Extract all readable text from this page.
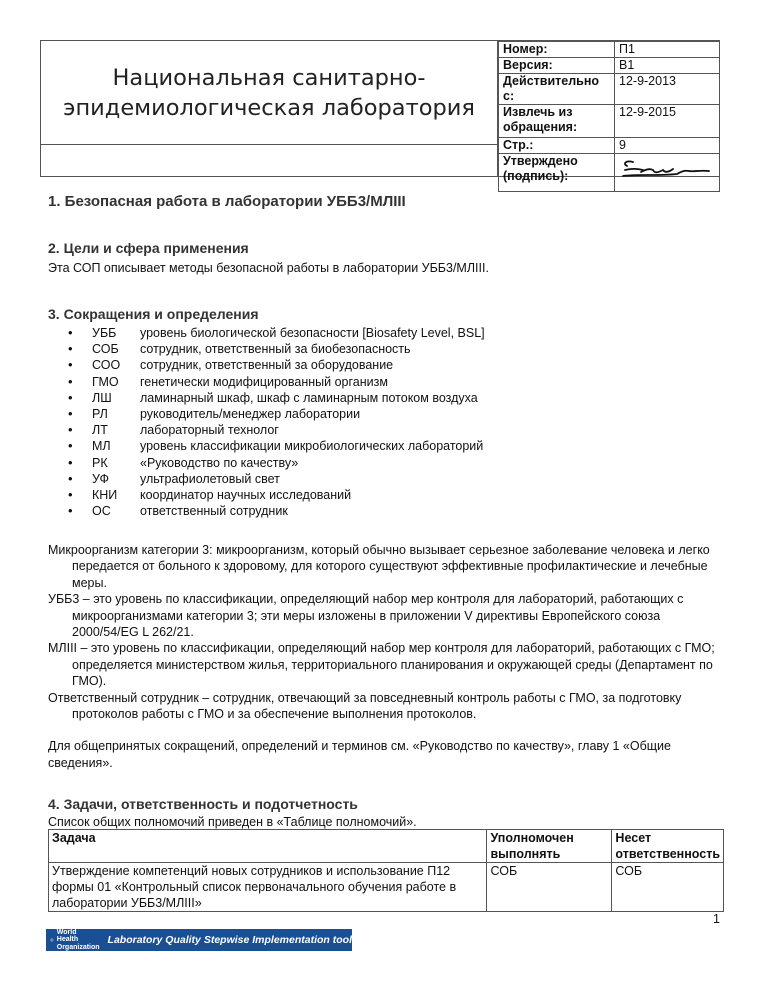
Национальная санитарно-
эпидемиологическая лаборатория
Номер:	П1
Версия:	B1
Действительно с:	12-9-2013
Извлечь из обращения:	12-9-2015
Стр.:	9
Утверждено (подпись):	
1. Безопасная работа в лаборатории УББ3/МЛIII
2. Цели и сфера применения
Эта СОП описывает методы безопасной работы в лаборатории УББ3/МЛIII.
3. Сокращения и определения
• УББ уровень биологической безопасности [Biosafety Level, BSL]
• СОБ сотрудник, ответственный за биобезопасность
• СОО сотрудник, ответственный за оборудование
• ГМО генетически модифицированный организм
• ЛШ ламинарный шкаф, шкаф с ламинарным потоком воздуха
• РЛ	руководитель/менеджер лаборатории
• ЛТ	лабораторный технолог
• МЛ уровень классификации микробиологических лабораторий
• РК	«Руководство по качеству»
• УФ ультрафиолетовый свет
• КНИ координатор научных исследований
• ОС ответственный сотрудник

Микроорганизм категории 3: микроорганизм, который обычно вызывает серьезное заболевание человека и легко передается от больного к здоровому, для которого существуют эффективные профилактические и лечебные меры.

УББ3 – это уровень по классификации, определяющий набор мер контроля для лабораторий, работающих с микроорганизмами категории 3; эти меры изложены в приложении V директивы Европейского союза 2000/54/EG L 262/21.

МЛIII – это уровень по классификации, определяющий набор мер контроля для лабораторий, работающих с ГМО; определяется министерством жилья, территориального планирования и окружающей среды (Департамент по ГМО).

Ответственный сотрудник – сотрудник, отвечающий за повседневный контроль работы с ГМО, за подготовку протоколов работы с ГМО и за обеспечение выполнения протоколов.

Для общепринятых сокращений, определений и терминов см. «Руководство по качеству», главу 1 «Общие сведения».

4. Задачи, ответственность и подотчетность
Список общих полномочий приведен в «Таблице полномочий».
Задача	Уполномочен выполнять	Несет ответственность
Утверждение компетенций новых сотрудников и использование П12 формы 01 «Контрольный список первоначального обучения работе в лаборатории УББ3/МЛIII»	СОБ	СОБ
1
World Health
Organization
Laboratory Quality Stepwise Implementation tool
